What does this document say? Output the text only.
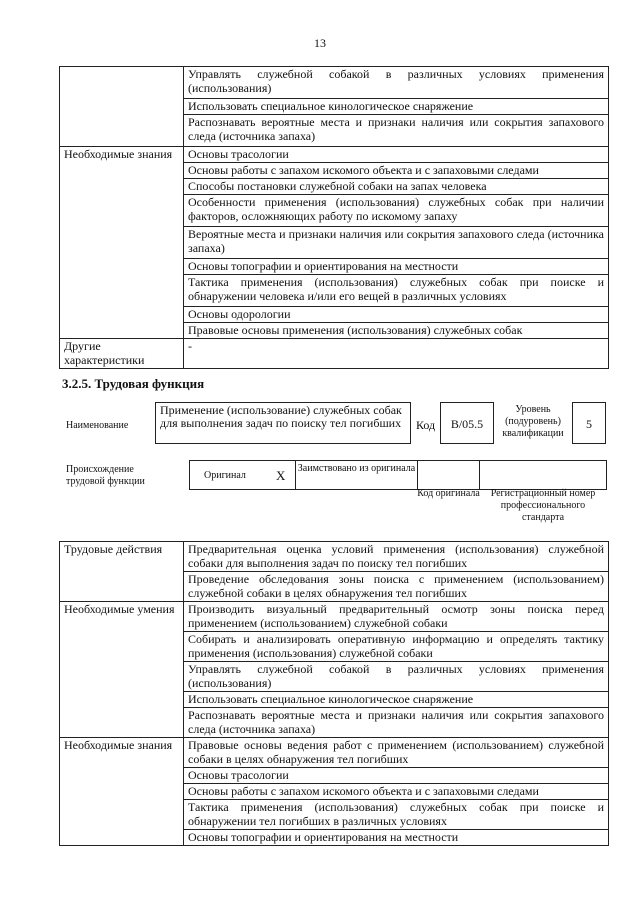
13
	Управлять служебной собакой в различных условиях применения (использования)
	Использовать специальное кинологическое снаряжение
	Распознавать вероятные места и признаки наличия или сокрытия запахового следа (источника запаха)
Необходимые знания	Основы трасологии
	Основы работы с запахом искомого объекта и с запаховыми следами
	Способы постановки служебной собаки на запах человека
	Особенности применения (использования) служебных собак при наличии факторов, осложняющих работу по искомому запаху
	Вероятные места и признаки наличия или сокрытия запахового следа (источника запаха)
	Основы топографии и ориентирования на местности
	Тактика применения (использования) служебных собак при поиске и обнаружении человека и/или его вещей в различных условиях
	Основы одорологии
	Правовые основы применения (использования) служебных собак
Другие характеристики	-
3.2.5. Трудовая функция
Наименование
Применение (использование) служебных собак для выполнения задач по поиску тел погибших	Код	B/05.5
Уровень (подуровень) квалификации
5
Происхождение трудовой функции
Оригинал X Заимствовано из оригинала
Код оригинала	Регистрационный номер профессионального стандарта
Трудовые действия	Предварительная оценка условий применения (использования) служебной собаки для выполнения задач по поиску тел погибших
	Проведение обследования зоны поиска с применением (использованием) служебной собаки в целях обнаружения тел погибших
Необходимые умения	Производить визуальный предварительный осмотр зоны поиска перед применением (использованием) служебной собаки
	Собирать и анализировать оперативную информацию и определять тактику применения (использования) служебной собаки
	Управлять служебной собакой в различных условиях применения (использования)
	Использовать специальное кинологическое снаряжение
	Распознавать вероятные места и признаки наличия или сокрытия запахового следа (источника запаха)
Необходимые знания	Правовые основы ведения работ с применением (использованием) служебной собаки в целях обнаружения тел погибших
	Основы трасологии
	Основы работы с запахом искомого объекта и с запаховыми следами
	Тактика применения (использования) служебных собак при поиске и обнаружении тел погибших в различных условиях
	Основы топографии и ориентирования на местности
